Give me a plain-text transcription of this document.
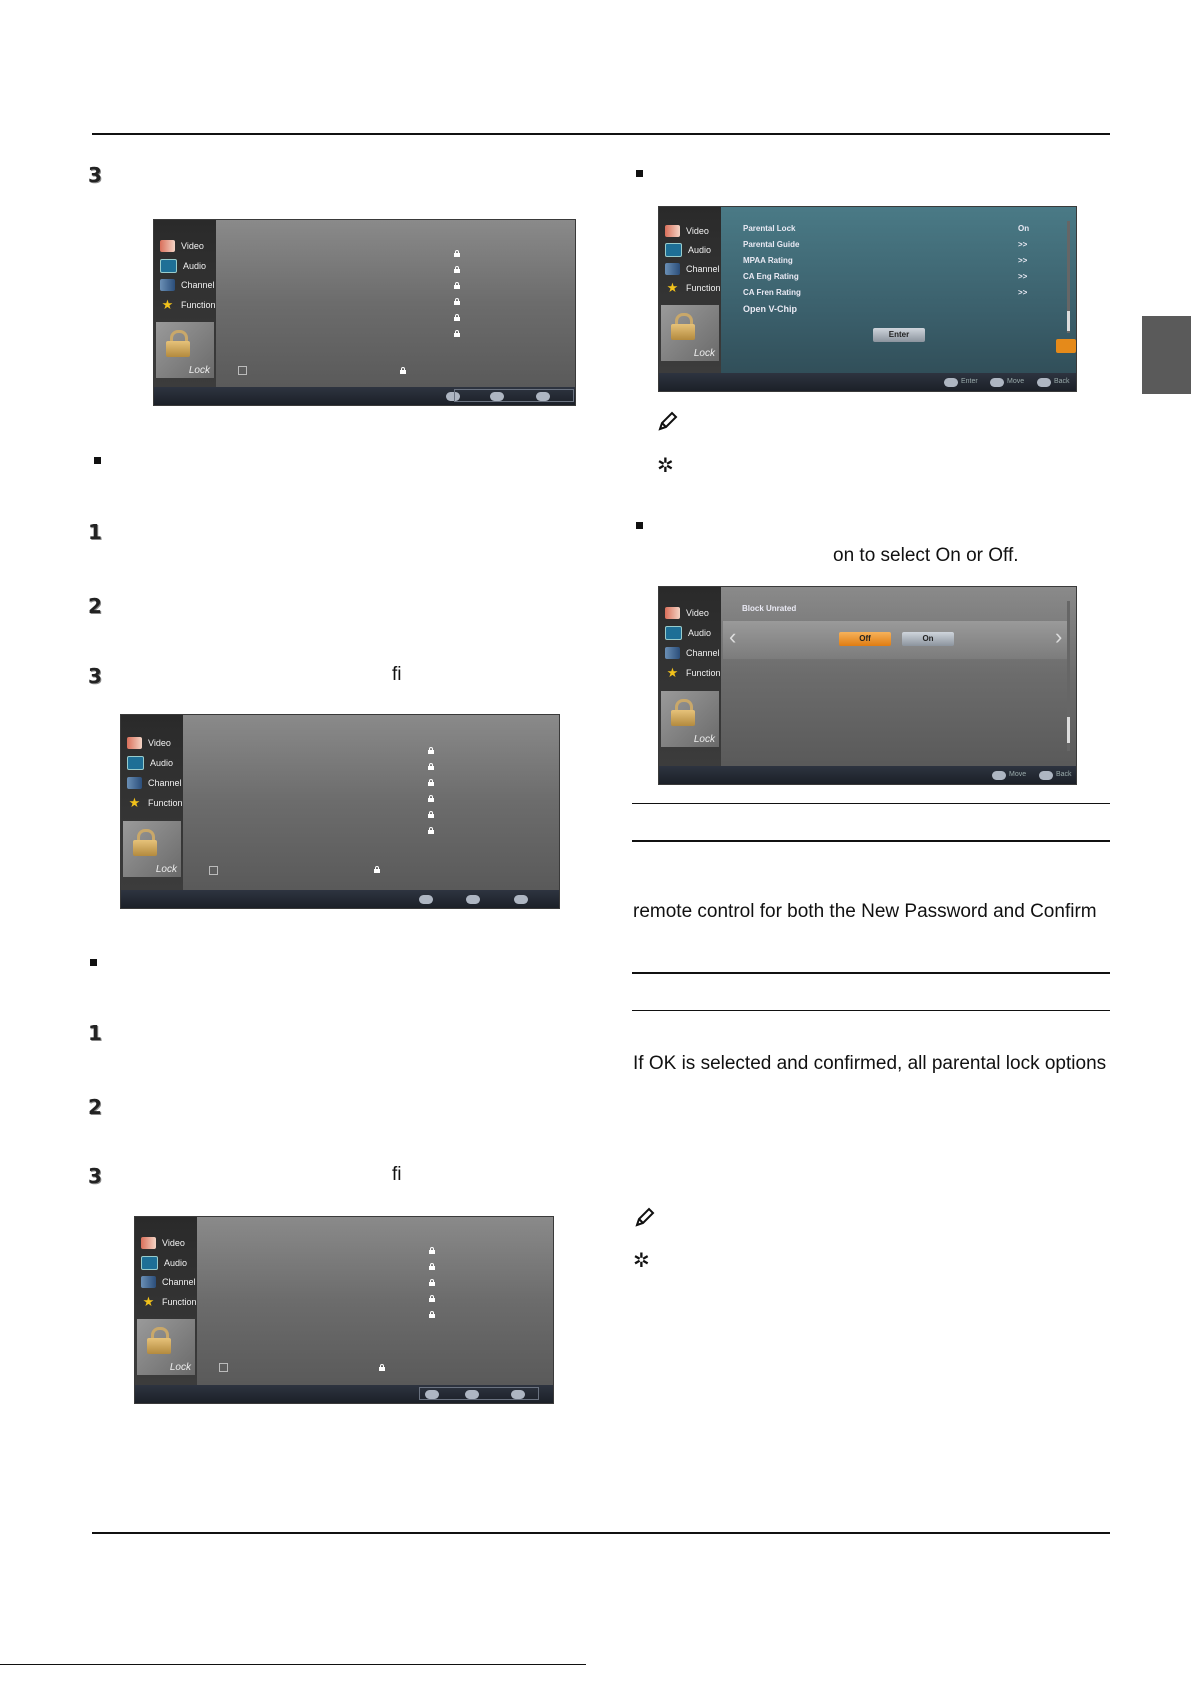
3
Video
Audio
Channel
★ Function
Lock
1
2
3	ﬁ
Video
Audio
Channel
★ Function
Lock
1
2
3	ﬁ
Video
Audio
Channel
★ Function
Lock
Video
Audio
Channel
★ Function
Lock
Parental Lock	On
Parental Guide	>>
MPAA Rating	>>
CA Eng Rating	>>
CA Fren Rating	>>
Open V-Chip
Enter
Enter	Move	Back
✲
on to select On or Off.
Video
Audio
Channel
★ Function
Lock
Block Unrated
‹	›
Off	On
Move	Back
remote control for both the New Password and Confirm
If OK is selected and confirmed, all parental lock options
✲
